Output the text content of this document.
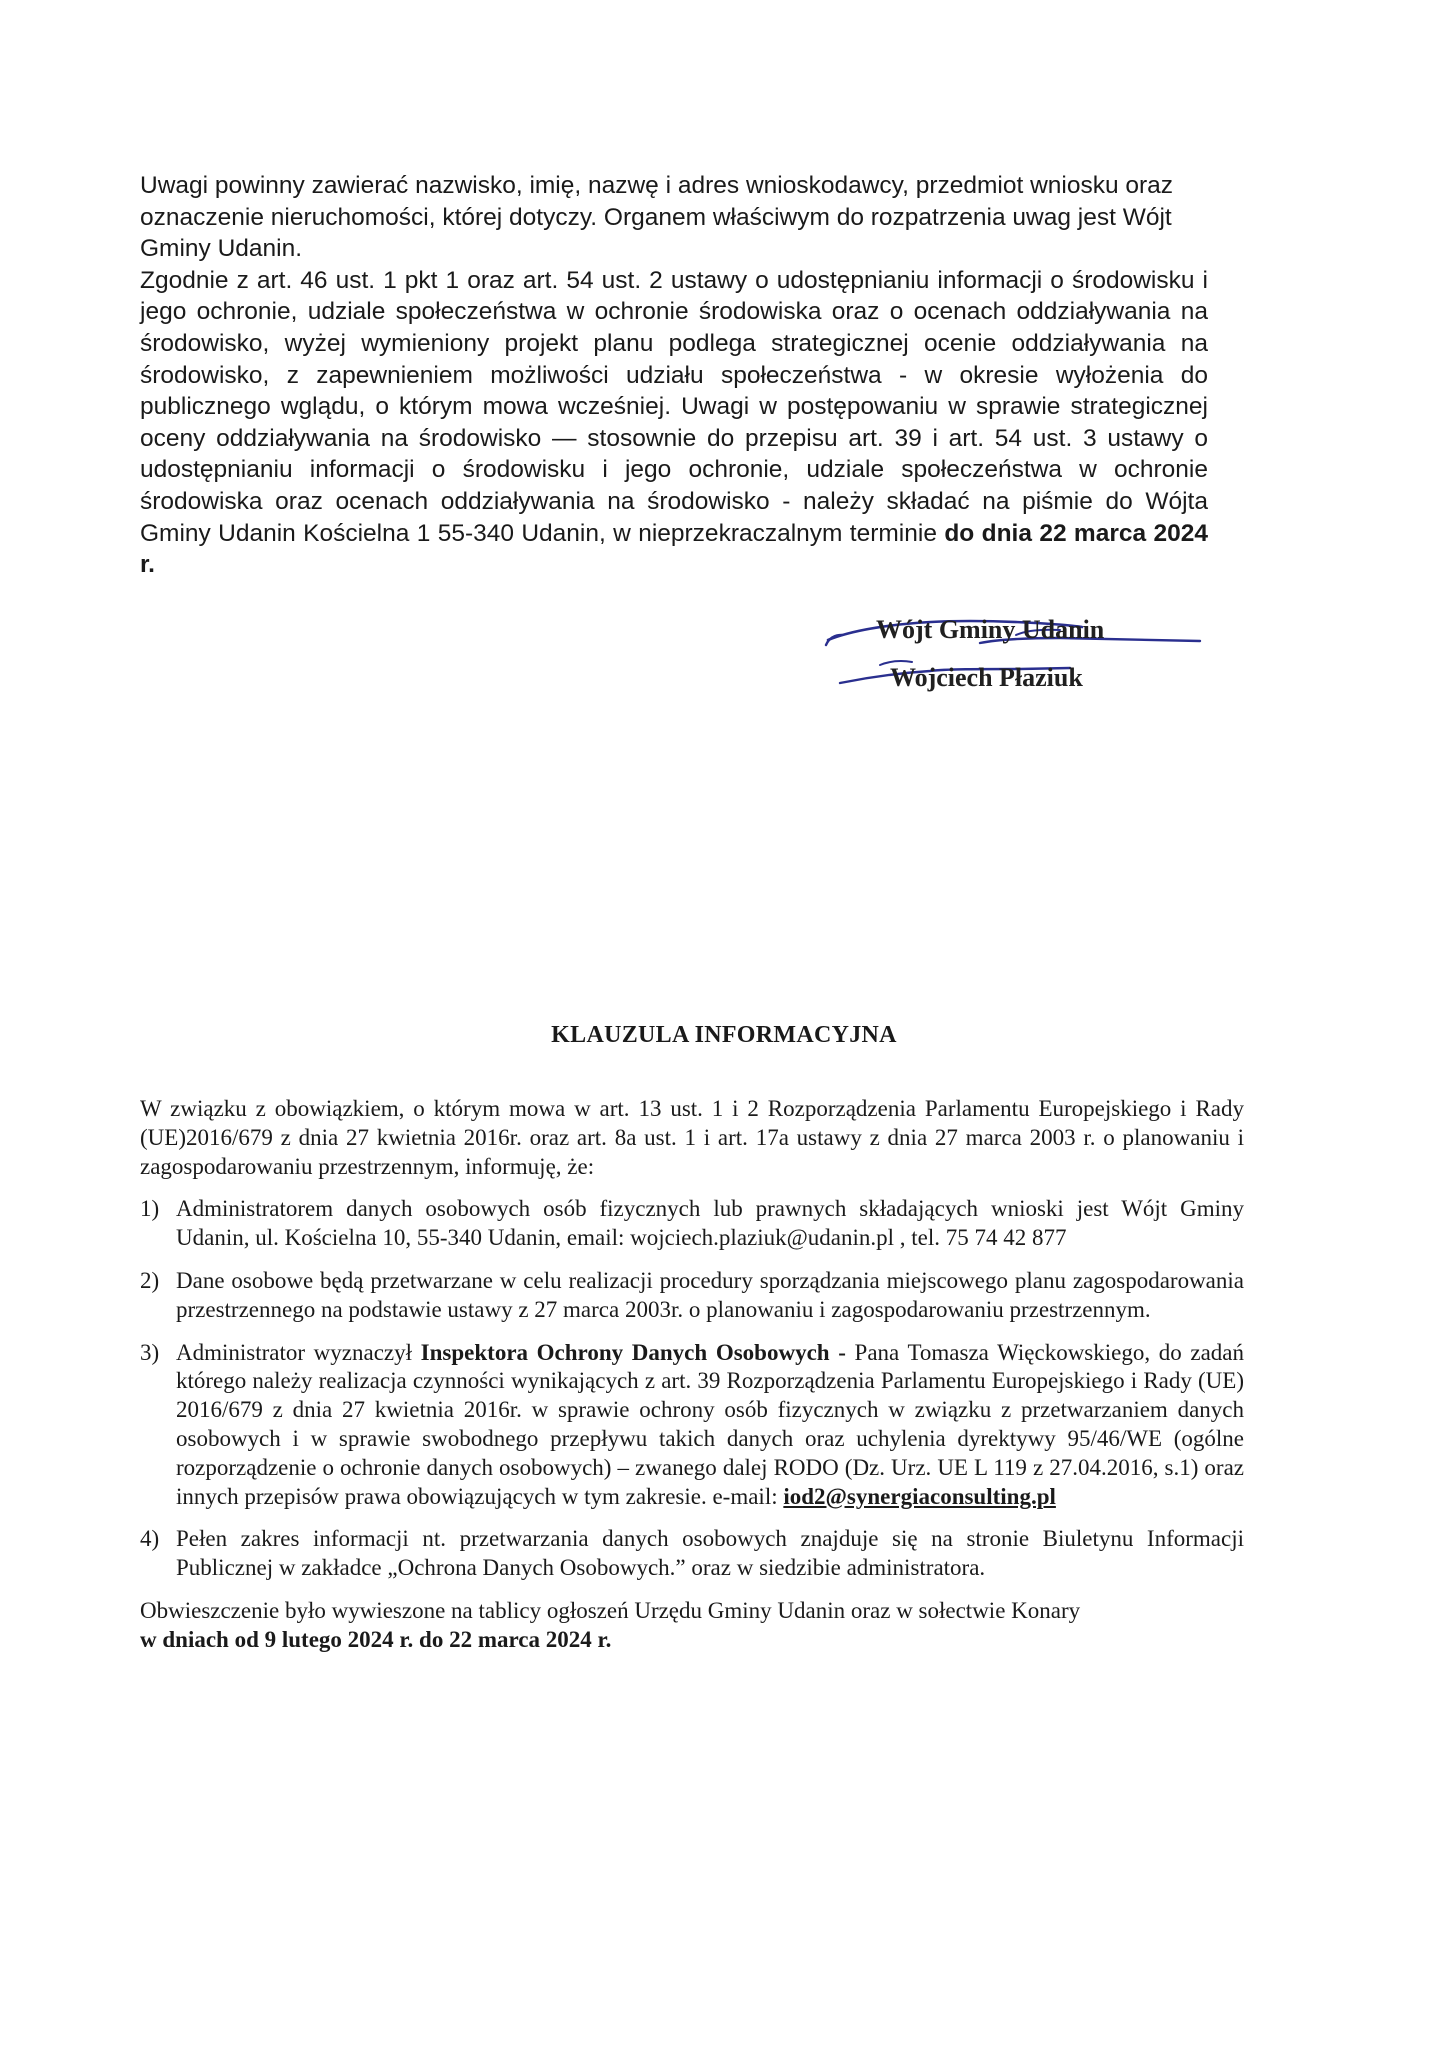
Uwagi powinny zawierać nazwisko, imię, nazwę i adres wnioskodawcy, przedmiot wniosku oraz oznaczenie nieruchomości, której dotyczy. Organem właściwym do rozpatrzenia uwag jest Wójt Gminy Udanin.

Zgodnie z art. 46 ust. 1 pkt 1 oraz art. 54 ust. 2 ustawy o udostępnianiu informacji o środowisku i jego ochronie, udziale społeczeństwa w ochronie środowiska oraz o ocenach oddziaływania na środowisko, wyżej wymieniony projekt planu podlega strategicznej ocenie oddziaływania na środowisko, z zapewnieniem możliwości udziału społeczeństwa - w okresie wyłożenia do publicznego wglądu, o którym mowa wcześniej. Uwagi w postępowaniu w sprawie strategicznej oceny oddziaływania na środowisko — stosownie do przepisu art. 39 i art. 54 ust. 3 ustawy o udostępnianiu informacji o środowisku i jego ochronie, udziale społeczeństwa w ochronie środowiska oraz ocenach oddziaływania na środowisko - należy składać na piśmie do Wójta Gminy Udanin Kościelna 1 55-340 Udanin, w nieprzekraczalnym terminie do dnia 22 marca 2024 r.

Wójt Gminy Udanin
Wojciech Płaziuk
KLAUZULA INFORMACYJNA

W związku z obowiązkiem, o którym mowa w art. 13 ust. 1 i 2 Rozporządzenia Parlamentu Europejskiego i Rady (UE)2016/679 z dnia 27 kwietnia 2016r. oraz art. 8a ust. 1 i art. 17a ustawy z dnia 27 marca 2003 r. o planowaniu i zagospodarowaniu przestrzennym, informuję, że:

1) Administratorem danych osobowych osób fizycznych lub prawnych składających wnioski jest Wójt Gminy Udanin, ul. Kościelna 10, 55-340 Udanin, email: wojciech.plaziuk@udanin.pl , tel. 75 74 42 877
2) Dane osobowe będą przetwarzane w celu realizacji procedury sporządzania miejscowego planu zagospodarowania przestrzennego na podstawie ustawy z 27 marca 2003r. o planowaniu i zagospodarowaniu przestrzennym.
3) Administrator wyznaczył Inspektora Ochrony Danych Osobowych - Pana Tomasza Więckowskiego, do zadań którego należy realizacja czynności wynikających z art. 39 Rozporządzenia Parlamentu Europejskiego i Rady (UE) 2016/679 z dnia 27 kwietnia 2016r. w sprawie ochrony osób fizycznych w związku z przetwarzaniem danych osobowych i w sprawie swobodnego przepływu takich danych oraz uchylenia dyrektywy 95/46/WE (ogólne rozporządzenie o ochronie danych osobowych) – zwanego dalej RODO (Dz. Urz. UE L 119 z 27.04.2016, s.1) oraz innych przepisów prawa obowiązujących w tym zakresie. e-mail: iod2@synergiaconsulting.pl
4) Pełen zakres informacji nt. przetwarzania danych osobowych znajduje się na stronie Biuletynu Informacji Publicznej w zakładce „Ochrona Danych Osobowych.” oraz w siedzibie administratora.

Obwieszczenie było wywieszone na tablicy ogłoszeń Urzędu Gminy Udanin oraz w sołectwie Konary
w dniach od 9 lutego 2024 r. do 22 marca 2024 r.
